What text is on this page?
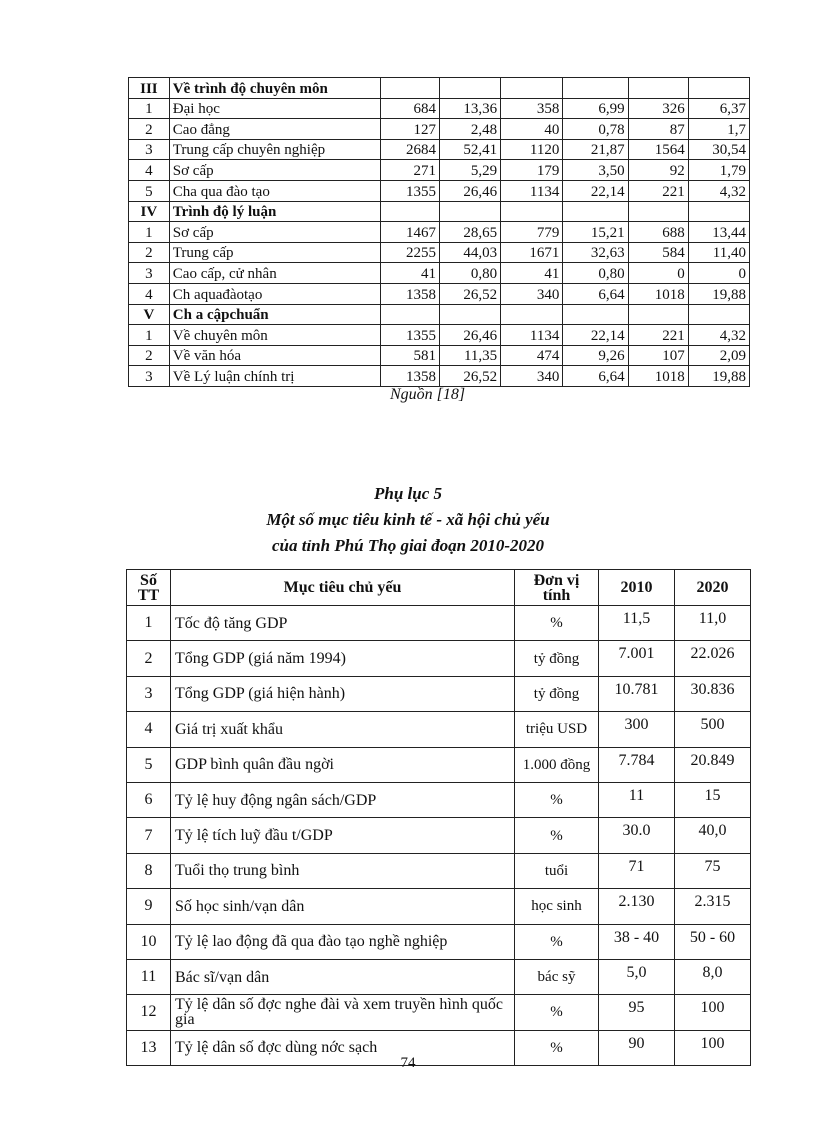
III	Về trình độ chuyên môn						
1	Đại học	684	13,36	358	6,99	326	6,37
2	Cao đẳng	127	2,48	40	0,78	87	1,7
3	Trung cấp chuyên nghiệp	2684	52,41	1120	21,87	1564	30,54
4	Sơ cấp	271	5,29	179	3,50	92	1,79
5	Cha qua đào tạo	1355	26,46	1134	22,14	221	4,32
IV	Trình độ lý luận						
1	Sơ cấp	1467	28,65	779	15,21	688	13,44
2	Trung cấp	2255	44,03	1671	32,63	584	11,40
3	Cao cấp, cử nhân	41	0,80	41	0,80	0	0
4	Ch aquađàotạo	1358	26,52	340	6,64	1018	19,88
V	Ch a cậpchuẩn						
1	Về chuyên môn	1355	26,46	1134	22,14	221	4,32
2	Về văn hóa	581	11,35	474	9,26	107	2,09
3	Về Lý luận chính trị	1358	26,52	340	6,64	1018	19,88
Nguồn [18]
Phụ lục 5
Một số mục tiêu kinh tế - xã hội chủ yếu
của tỉnh Phú Thọ giai đoạn 2010-2020
Số TT	Mục tiêu chủ yếu	Đơn vị tính	2010	2020
1	Tốc độ tăng GDP	%	11,5	11,0
2	Tổng GDP (giá năm 1994)	tỷ đồng	7.001	22.026
3	Tổng GDP (giá hiện hành)	tỷ đồng	10.781	30.836
4	Giá trị xuất khẩu	triệu USD	300	500
5	GDP bình quân đầu ngời	1.000 đồng	7.784	20.849
6	Tỷ lệ huy động ngân sách/GDP	%	11	15
7	Tỷ lệ tích luỹ đầu t/GDP	%	30.0	40,0
8	Tuổi thọ trung bình	tuổi	71	75
9	Số học sinh/vạn dân	học sinh	2.130	2.315
10	Tỷ lệ lao động đã qua đào tạo nghề nghiệp	%	38 - 40	50 - 60
11	Bác sĩ/vạn dân	bác sỹ	5,0	8,0
12	Tỷ lệ dân số đợc nghe đài và xem truyền hình quốc gia	%	95	100
13	Tỷ lệ dân số đợc dùng nớc sạch	%	90	100
74
